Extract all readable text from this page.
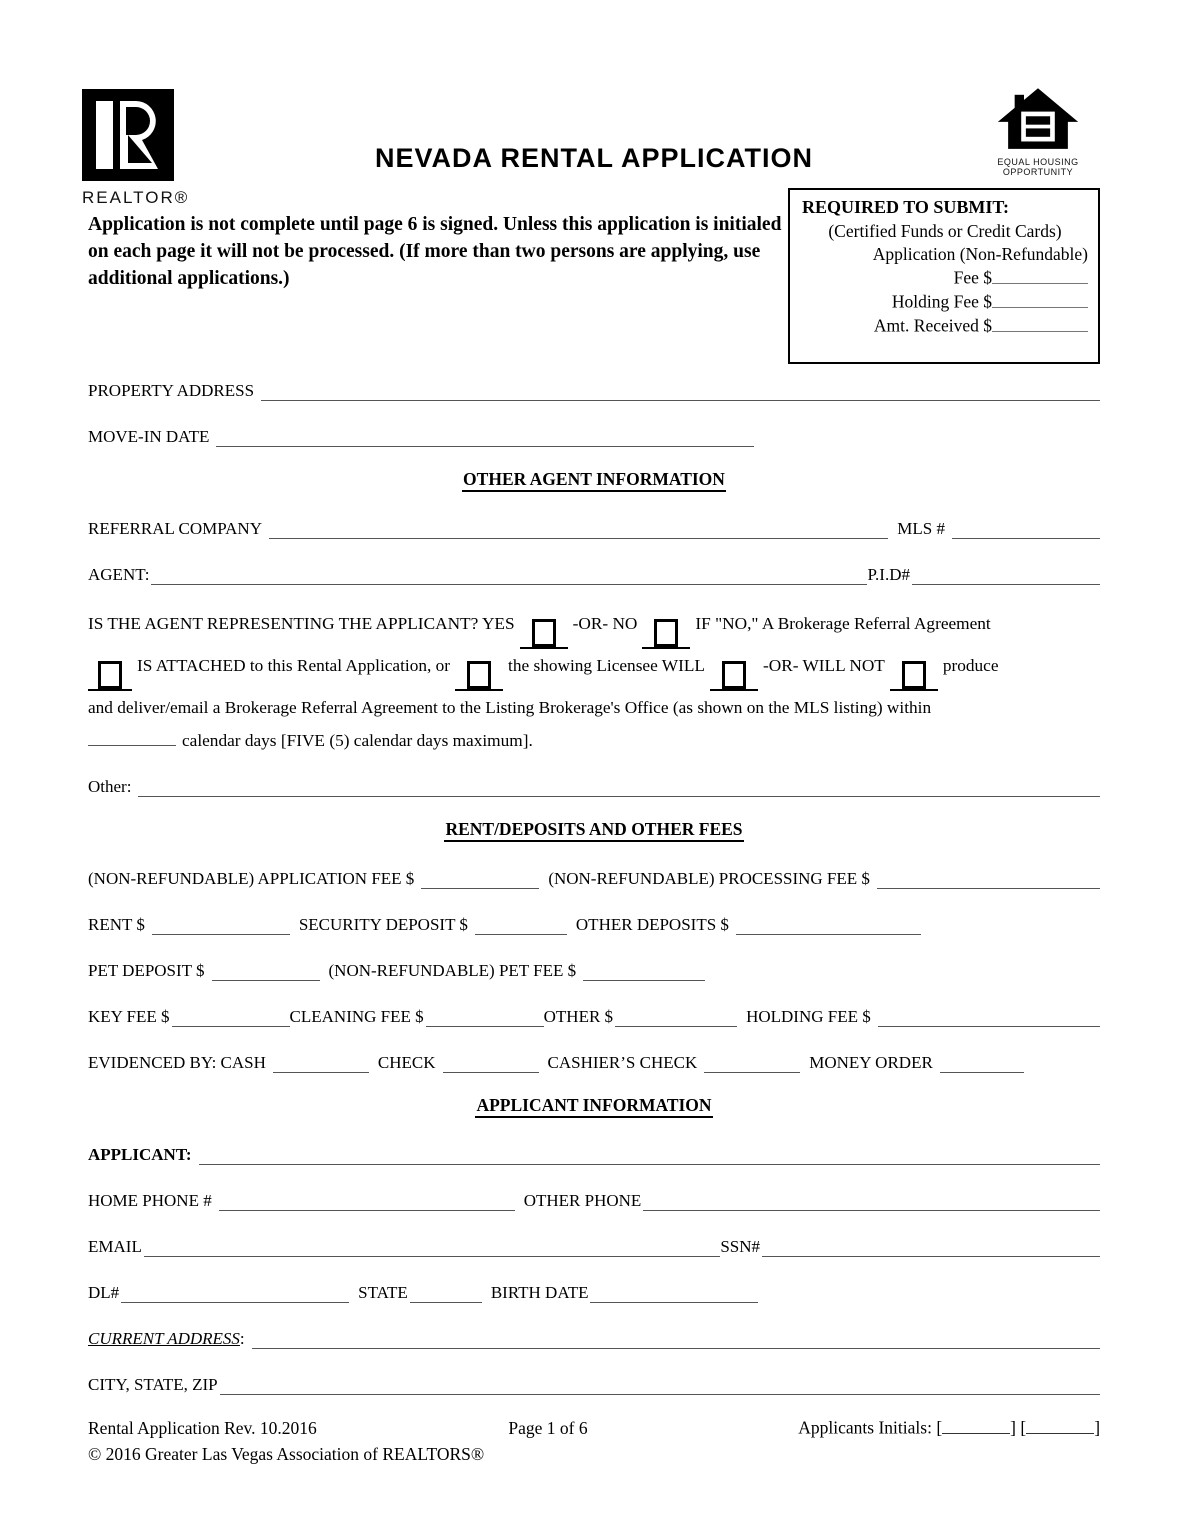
REALTOR®
NEVADA RENTAL APPLICATION	EQUAL HOUSING
OPPORTUNITY
Application is not complete until page 6 is signed. Unless this application is initialed on each page it will not be processed. (If more than two persons are applying, use additional applications.)
REQUIRED TO SUBMIT:
(Certified Funds or Credit Cards)
Application (Non-Refundable)
Fee $
Holding Fee $
Amt. Received $
PROPERTY ADDRESS
MOVE-IN DATE
OTHER AGENT INFORMATION
REFERRAL COMPANY	MLS #
AGENT:	P.I.D#
IS THE AGENT REPRESENTING THE APPLICANT? YES	-OR- NO	IF "NO," A Brokerage Referral Agreement
IS ATTACHED to this Rental Application, or	the showing Licensee WILL	-OR- WILL NOT	produce
and deliver/email a Brokerage Referral Agreement to the Listing Brokerage's Office (as shown on the MLS listing) within
calendar days [FIVE (5) calendar days maximum].
Other:
RENT/DEPOSITS AND OTHER FEES
(NON-REFUNDABLE) APPLICATION FEE $	(NON-REFUNDABLE) PROCESSING FEE $
RENT $	SECURITY DEPOSIT $	OTHER DEPOSITS $
PET DEPOSIT $	(NON-REFUNDABLE) PET FEE $
KEY FEE $	CLEANING FEE $	OTHER $	HOLDING FEE $
EVIDENCED BY: CASH	CHECK	CASHIER’S CHECK	MONEY ORDER
APPLICANT INFORMATION
APPLICANT:
HOME PHONE #	OTHER PHONE
EMAIL	SSN#
DL#	STATE	BIRTH DATE
CURRENT ADDRESS :
CITY, STATE, ZIP
Rental Application Rev. 10.2016	Page 1 of 6	Applicants Initials: [	] [	]
© 2016 Greater Las Vegas Association of REALTORS®
